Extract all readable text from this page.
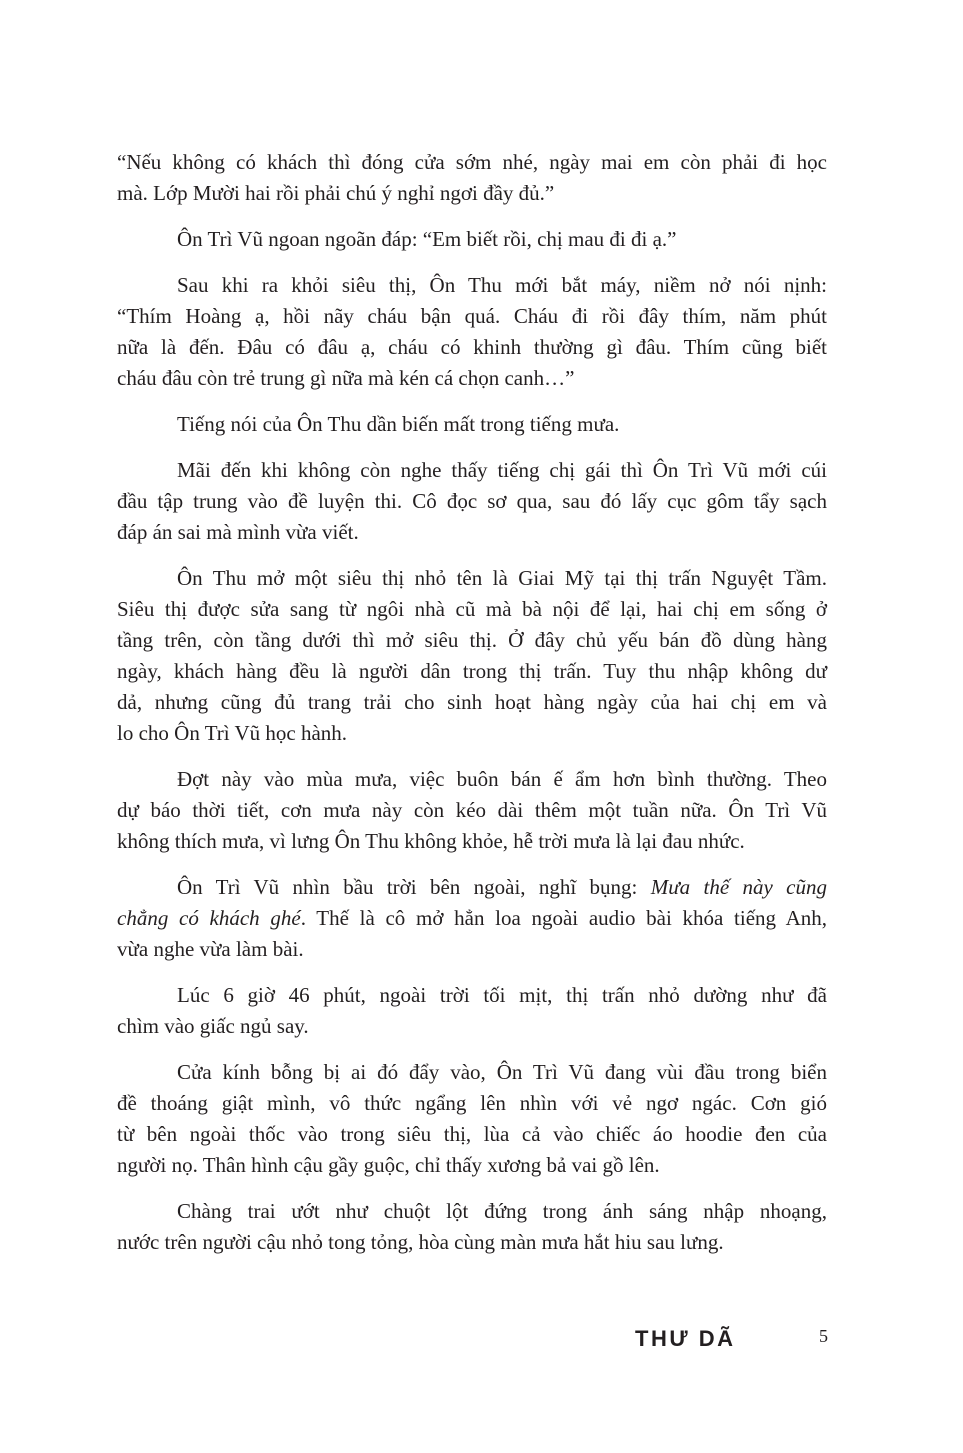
“Nếu không có khách thì đóng cửa sớm nhé, ngày mai em còn phải đi học
mà. Lớp Mười hai rồi phải chú ý nghỉ ngơi đầy đủ.”
Ôn Trì Vũ ngoan ngoãn đáp: “Em biết rồi, chị mau đi đi ạ.”
Sau khi ra khỏi siêu thị, Ôn Thu mới bắt máy, niềm nở nói nịnh:
“Thím Hoàng ạ, hồi nãy cháu bận quá. Cháu đi rồi đây thím, năm phút
nữa là đến. Đâu có đâu ạ, cháu có khinh thường gì đâu. Thím cũng biết
cháu đâu còn trẻ trung gì nữa mà kén cá chọn canh…”
Tiếng nói của Ôn Thu dần biến mất trong tiếng mưa.
Mãi đến khi không còn nghe thấy tiếng chị gái thì Ôn Trì Vũ mới cúi
đầu tập trung vào đề luyện thi. Cô đọc sơ qua, sau đó lấy cục gôm tẩy sạch
đáp án sai mà mình vừa viết.
Ôn Thu mở một siêu thị nhỏ tên là Giai Mỹ tại thị trấn Nguyệt Tầm.
Siêu thị được sửa sang từ ngôi nhà cũ mà bà nội để lại, hai chị em sống ở
tầng trên, còn tầng dưới thì mở siêu thị. Ở đây chủ yếu bán đồ dùng hàng
ngày, khách hàng đều là người dân trong thị trấn. Tuy thu nhập không dư
dả, nhưng cũng đủ trang trải cho sinh hoạt hàng ngày của hai chị em và
lo cho Ôn Trì Vũ học hành.
Đợt này vào mùa mưa, việc buôn bán ế ẩm hơn bình thường. Theo
dự báo thời tiết, cơn mưa này còn kéo dài thêm một tuần nữa. Ôn Trì Vũ
không thích mưa, vì lưng Ôn Thu không khỏe, hễ trời mưa là lại đau nhức.
Ôn Trì Vũ nhìn bầu trời bên ngoài, nghĩ bụng: Mưa thế này cũng
chẳng có khách ghé. Thế là cô mở hẳn loa ngoài audio bài khóa tiếng Anh,
vừa nghe vừa làm bài.
Lúc 6 giờ 46 phút, ngoài trời tối mịt, thị trấn nhỏ dường như đã
chìm vào giấc ngủ say.
Cửa kính bỗng bị ai đó đẩy vào, Ôn Trì Vũ đang vùi đầu trong biển
đề thoáng giật mình, vô thức ngẩng lên nhìn với vẻ ngơ ngác. Cơn gió
từ bên ngoài thốc vào trong siêu thị, lùa cả vào chiếc áo hoodie đen của
người nọ. Thân hình cậu gầy guộc, chỉ thấy xương bả vai gồ lên.
Chàng trai ướt như chuột lột đứng trong ánh sáng nhập nhoạng,
nước trên người cậu nhỏ tong tỏng, hòa cùng màn mưa hắt hiu sau lưng.
THƯ DÃ	5
